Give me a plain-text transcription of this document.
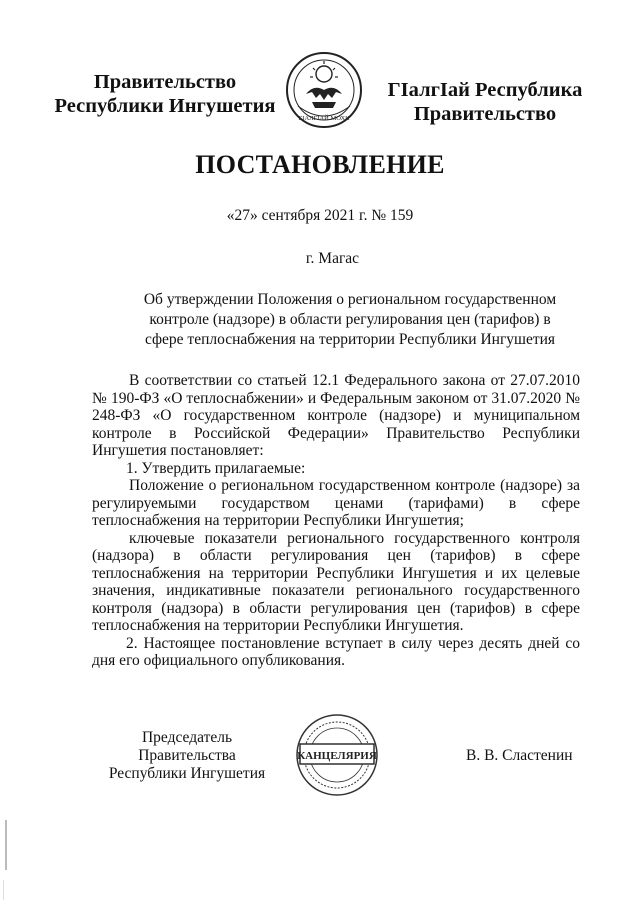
Правительство
Республики Ингушетия
ГІАЛГІАЙ МОХК
ГІалгІай Республика
Правительство
ПОСТАНОВЛЕНИЕ
«27» сентября 2021 г. № 159
г. Магас
Об утверждении Положения о региональном государственном контроле (надзоре) в области регулирования цен (тарифов) в сфере теплоснабжения на территории Республики Ингушетия

В соответствии со статьей 12.1 Федерального закона от 27.07.2010 № 190-ФЗ «О теплоснабжении» и Федеральным законом от 31.07.2020 № 248-ФЗ «О государственном контроле (надзоре) и муниципальном контроле в Российской Федерации» Правительство Республики Ингушетия постановляет:

1. Утвердить прилагаемые:

Положение о региональном государственном контроле (надзоре) за регулируемыми государством ценами (тарифами) в сфере теплоснабжения на территории Республики Ингушетия;

ключевые показатели регионального государственного контроля (надзора) в области регулирования цен (тарифов) в сфере теплоснабжения на территории Республики Ингушетия и их целевые значения, индикативные показатели регионального государственного контроля (надзора) в области регулирования цен (тарифов) в сфере теплоснабжения на территории Республики Ингушетия.

2. Настоящее постановление вступает в силу через десять дней со дня его официального опубликования.

Председатель Правительства
Республики Ингушетия
КАНЦЕЛЯРИЯ	В. В. Сластенин
